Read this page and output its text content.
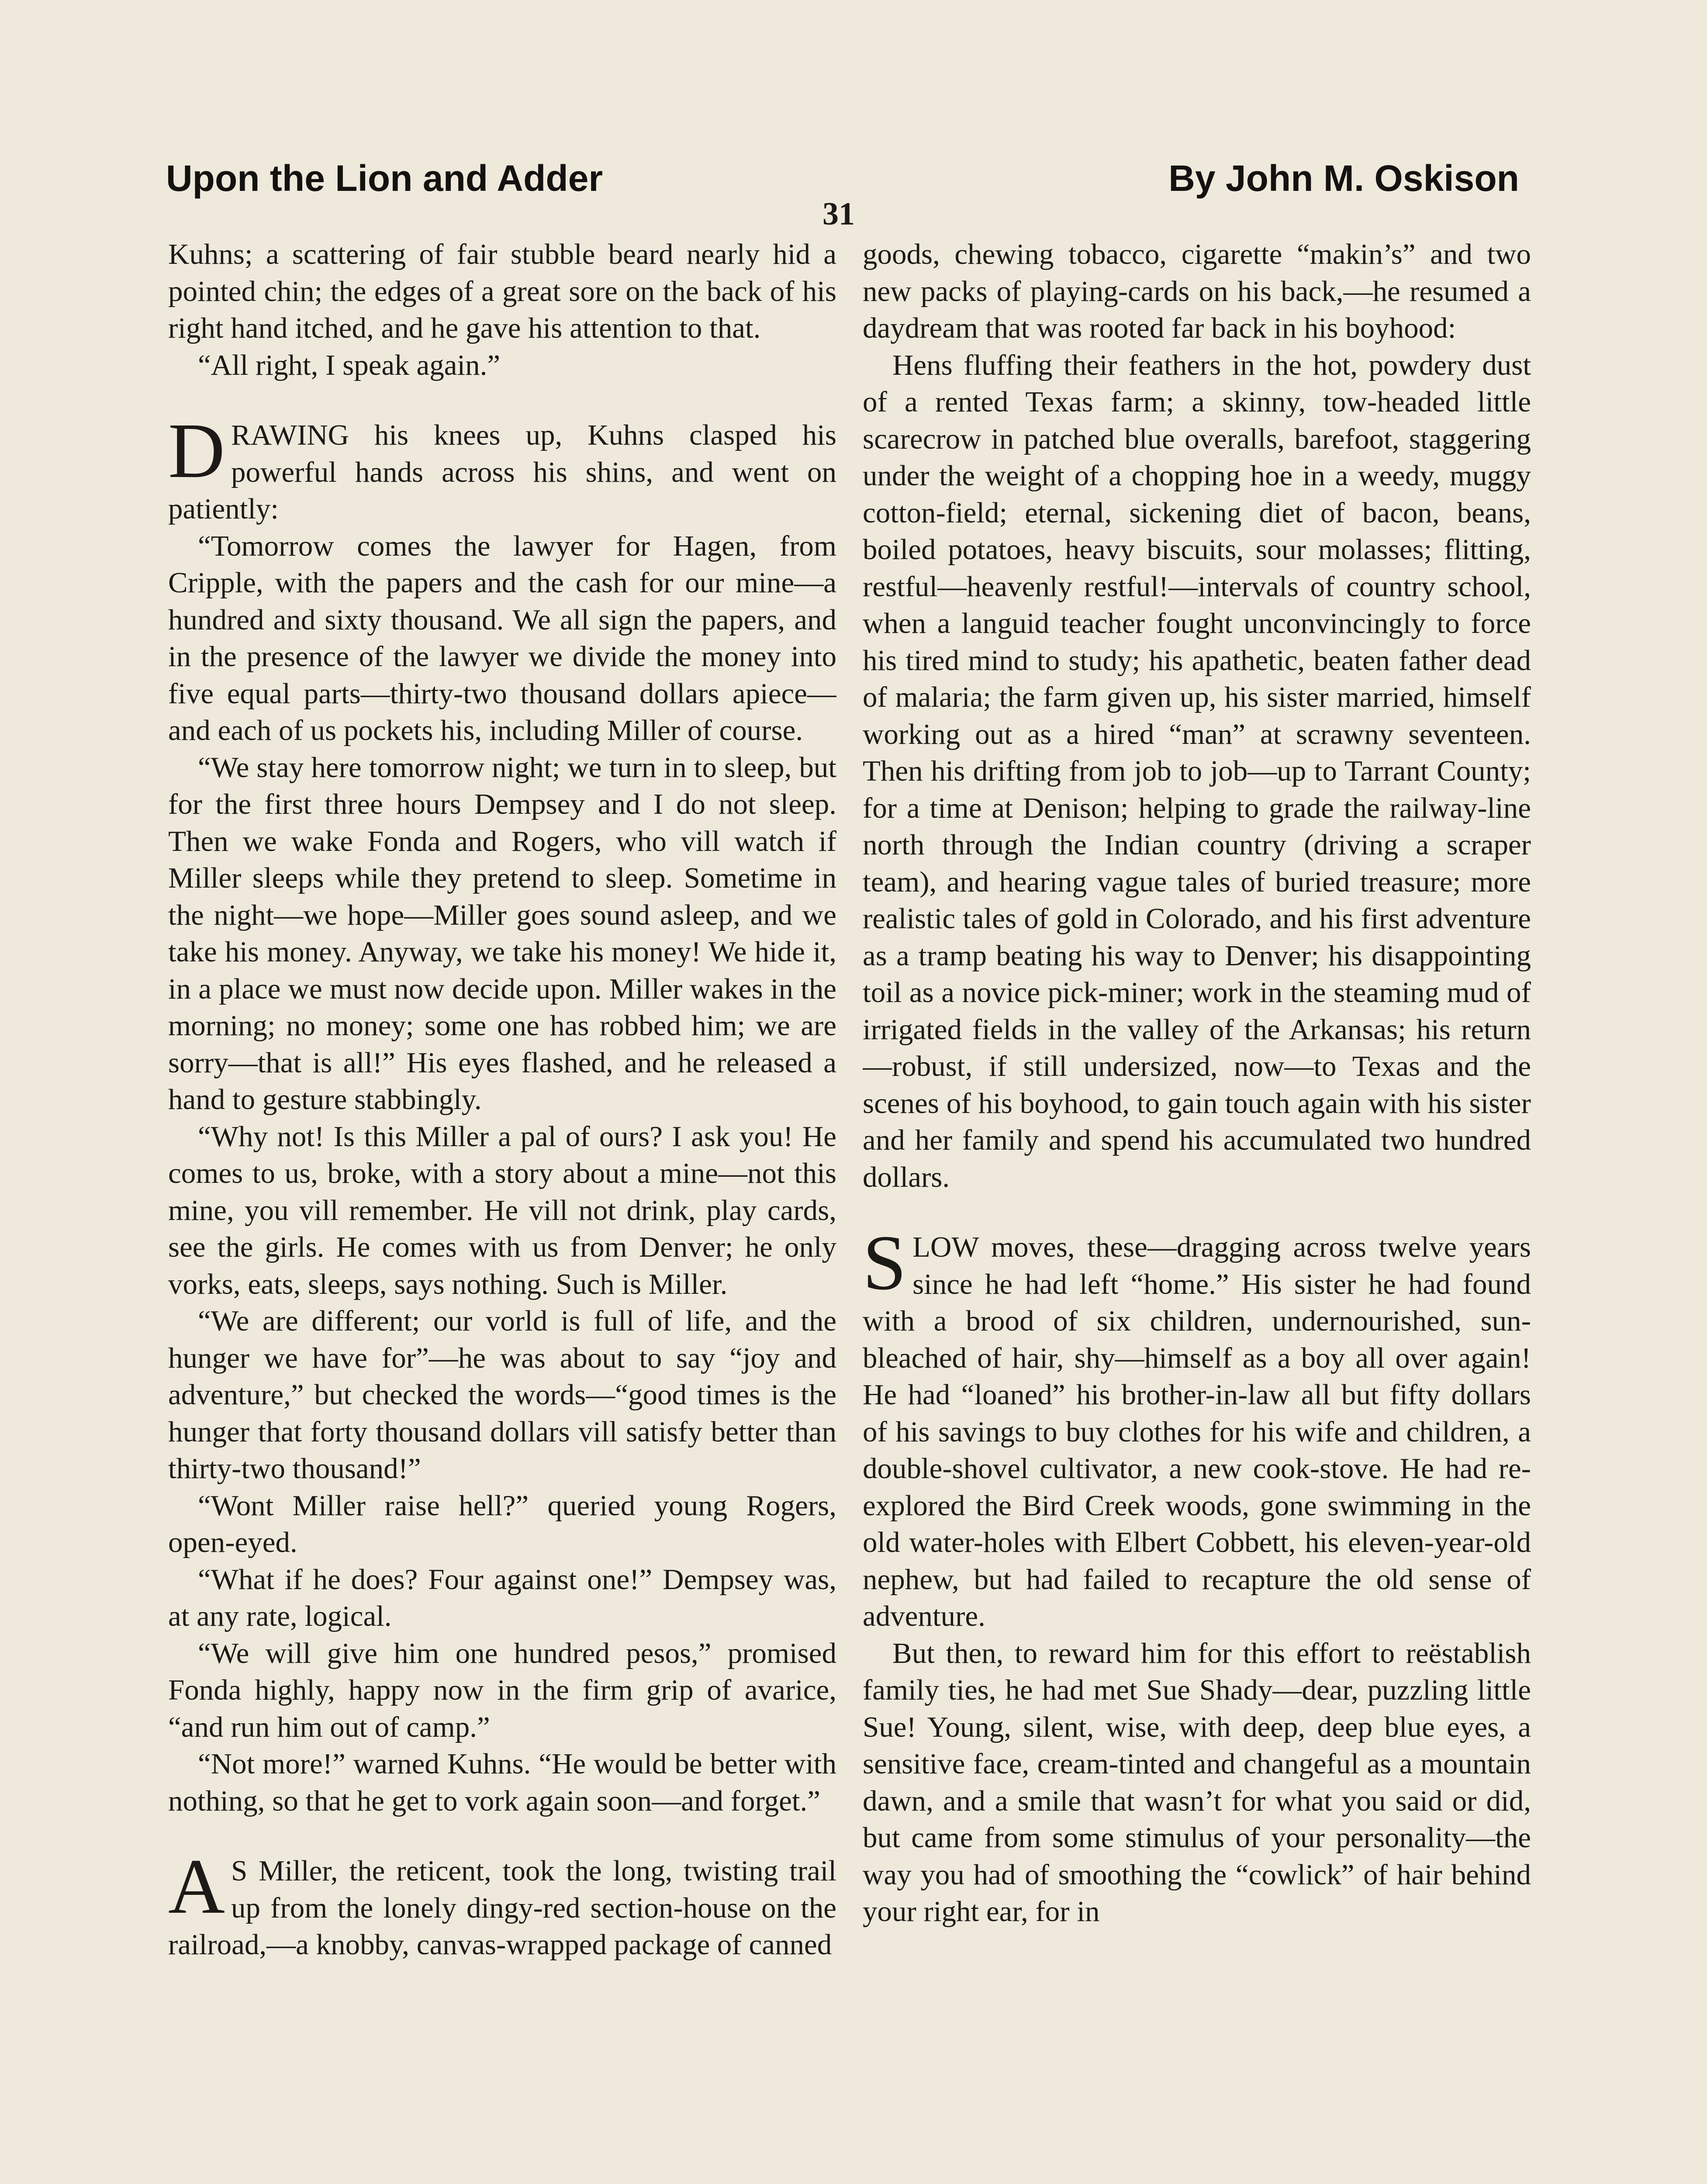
Upon the Lion and Adder	By John M. Oskison
31

Kuhns; a scattering of fair stubble beard nearly hid a pointed chin; the edges of a great sore on the back of his right hand itched, and he gave his attention to that.

“All right, I speak again.”

DRAWING his knees up, Kuhns clasped his powerful hands across his shins, and went on patiently:

“Tomorrow comes the lawyer for Hagen, from Cripple, with the papers and the cash for our mine—a hundred and sixty thousand. We all sign the papers, and in the presence of the lawyer we divide the money into five equal parts—thirty-two thousand dollars apiece—and each of us pockets his, including Miller of course.

“We stay here tomorrow night; we turn in to sleep, but for the first three hours Dempsey and I do not sleep. Then we wake Fonda and Rogers, who vill watch if Miller sleeps while they pretend to sleep. Sometime in the night—we hope—Miller goes sound asleep, and we take his money. Anyway, we take his money! We hide it, in a place we must now decide upon. Miller wakes in the morning; no money; some one has robbed him; we are sorry—that is all!” His eyes flashed, and he released a hand to gesture stabbingly.

“Why not! Is this Miller a pal of ours? I ask you! He comes to us, broke, with a story about a mine—not this mine, you vill remember. He vill not drink, play cards, see the girls. He comes with us from Denver; he only vorks, eats, sleeps, says nothing. Such is Miller.

“We are different; our vorld is full of life, and the hunger we have for”—he was about to say “joy and adventure,” but checked the words—“good times is the hunger that forty thousand dollars vill satisfy better than thirty-two thousand!”

“Wont Miller raise hell?” queried young Rogers, open-eyed.

“What if he does? Four against one!” Dempsey was, at any rate, logical.

“We will give him one hundred pesos,” promised Fonda highly, happy now in the firm grip of avarice, “and run him out of camp.”

“Not more!” warned Kuhns. “He would be better with nothing, so that he get to vork again soon—and forget.”

A S Miller, the reticent, took the long, twisting trail up from the lonely dingy-red section-house on the railroad,—a knobby, canvas-wrapped package of canned

goods, chewing tobacco, cigarette “makin’s” and two new packs of playing-cards on his back,—he resumed a daydream that was rooted far back in his boyhood:

Hens fluffing their feathers in the hot, powdery dust of a rented Texas farm; a skinny, tow-headed little scarecrow in patched blue overalls, barefoot, staggering under the weight of a chopping hoe in a weedy, muggy cotton-field; eternal, sickening diet of bacon, beans, boiled potatoes, heavy biscuits, sour molasses; flitting, restful—heavenly restful!—intervals of country school, when a languid teacher fought unconvincingly to force his tired mind to study; his apathetic, beaten father dead of malaria; the farm given up, his sister married, himself working out as a hired “man” at scrawny seventeen. Then his drifting from job to job—up to Tarrant County; for a time at Denison; helping to grade the railway-line north through the Indian country (driving a scraper team), and hearing vague tales of buried treasure; more realistic tales of gold in Colorado, and his first adventure as a tramp beating his way to Denver; his disappointing toil as a novice pick-miner; work in the steaming mud of irrigated fields in the valley of the Arkansas; his return—robust, if still undersized, now—to Texas and the scenes of his boyhood, to gain touch again with his sister and her family and spend his accumulated two hundred dollars.

SLOW moves, these—dragging across twelve years since he had left “home.” His sister he had found with a brood of six children, undernourished, sun-bleached of hair, shy—himself as a boy all over again! He had “loaned” his brother-in-law all but fifty dollars of his savings to buy clothes for his wife and children, a double-shovel cultivator, a new cook-stove. He had re-explored the Bird Creek woods, gone swimming in the old water-holes with Elbert Cobbett, his eleven-year-old nephew, but had failed to recapture the old sense of adventure.

But then, to reward him for this effort to reëstablish family ties, he had met Sue Shady—dear, puzzling little Sue! Young, silent, wise, with deep, deep blue eyes, a sensitive face, cream-tinted and changeful as a mountain dawn, and a smile that wasn’t for what you said or did, but came from some stimulus of your personality—the way you had of smoothing the “cowlick” of hair behind your right ear, for in
